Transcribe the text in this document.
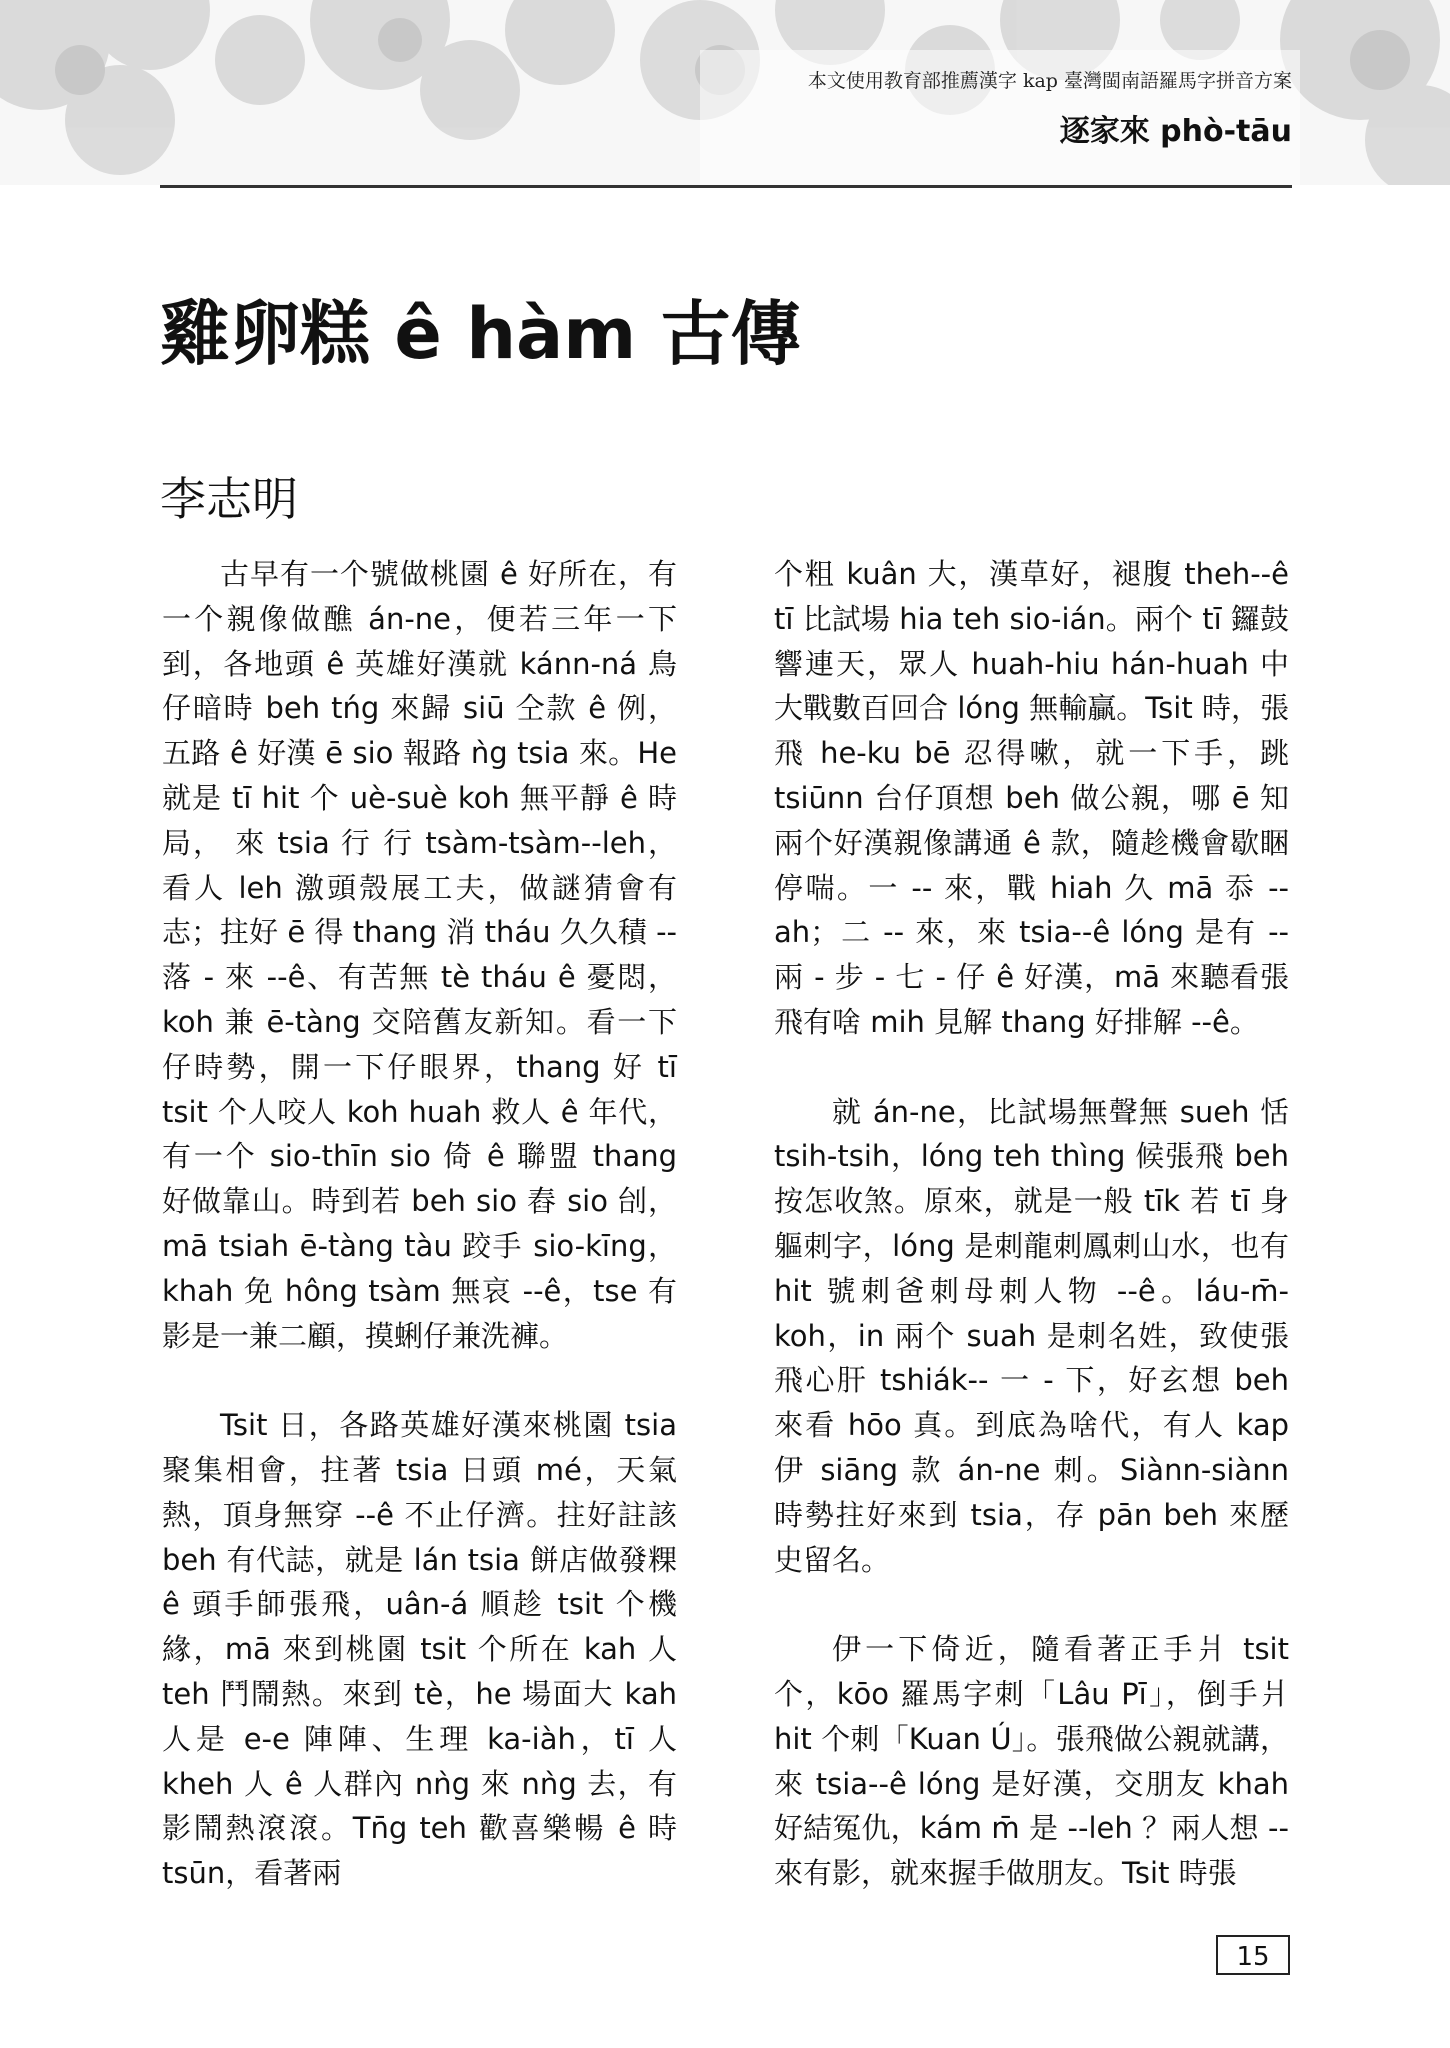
本文使用教育部推薦漢字 kap 臺灣閩南語羅馬字拼音方案
逐家來 phò-tāu
雞卵糕 ê hàm 古傳
李志明

古早有一个號做桃園 ê 好所在，有一个親像做醮 án-ne，便若三年一下到，各地頭 ê 英雄好漢就 kánn-ná 鳥仔暗時 beh tńg 來歸 siū 仝款 ê 例，五路 ê 好漢 ē sio 報路 ǹg tsia 來。He 就是 tī hit 个 uè-suè koh 無平靜 ê 時局， 來 tsia 行 行 tsàm-tsàm--leh，看人 leh 激頭殼展工夫，做謎猜會有志；拄好 ē 得 thang 消 tháu 久久積 -- 落 - 來 --ê、有苦無 tè tháu ê 憂悶，koh 兼 ē-tàng 交陪舊友新知。看一下仔時勢，開一下仔眼界，thang 好 tī tsit 个人咬人 koh huah 救人 ê 年代，有一个 sio-thīn sio 倚 ê 聯盟 thang 好做靠山。時到若 beh sio 舂 sio 刣，mā tsiah ē-tàng tàu 跤手 sio-kīng，khah 免 hông tsàm 無哀 --ê，tse 有影是一兼二顧，摸蜊仔兼洗褲。

Tsit 日，各路英雄好漢來桃園 tsia 聚集相會，拄著 tsia 日頭 mé，天氣熱，頂身無穿 --ê 不止仔濟。拄好註該 beh 有代誌，就是 lán tsia 餅店做發粿 ê 頭手師張飛，uân-á 順趁 tsit 个機緣，mā 來到桃園 tsit 个所在 kah 人 teh 鬥鬧熱。來到 tè，he 場面大 kah 人是 e-e 陣陣、生理 ka-iàh，tī 人 kheh 人 ê 人群內 nǹg 來 nǹg 去，有影鬧熱滾滾。Tn̄g teh 歡喜樂暢 ê 時 tsūn，看著兩

个粗 kuân 大，漢草好，褪腹 theh--ê tī 比試場 hia teh sio-ián。兩个 tī 鑼鼓響連天，眾人 huah-hiu hán-huah 中大戰數百回合 lóng 無輸贏。Tsit 時，張飛 he-ku bē 忍得嗽，就一下手，跳 tsiūnn 台仔頂想 beh 做公親，哪 ē 知兩个好漢親像講通 ê 款，隨趁機會歇睏停喘。一 -- 來，戰 hiah 久 mā 忝 -- ah；二 -- 來，來 tsia--ê lóng 是有 -- 兩 - 步 - 七 - 仔 ê 好漢，mā 來聽看張飛有啥 mih 見解 thang 好排解 --ê。

就 án-ne，比試場無聲無 sueh 恬 tsih-tsih，lóng teh thìng 候張飛 beh 按怎收煞。原來，就是一般 tīk 若 tī 身軀刺字，lóng 是刺龍刺鳳刺山水，也有 hit 號刺爸刺母刺人物 --ê。láu-m̄-koh，in 兩个 suah 是刺名姓，致使張飛心肝 tshiák-- 一 - 下，好玄想 beh 來看 hōo 真。到底為啥代，有人 kap 伊 siāng 款 án-ne 刺。Siànn-siànn 時勢拄好來到 tsia，存 pān beh 來歷史留名。

伊一下倚近，隨看著正手爿 tsit 个，kōo 羅馬字刺「Lâu Pī」，倒手爿 hit 个刺「Kuan Ú」。張飛做公親就講，來 tsia--ê lóng 是好漢，交朋友 khah 好結冤仇，kám m̄ 是 --leh ？兩人想 -- 來有影，就來握手做朋友。Tsit 時張

15
